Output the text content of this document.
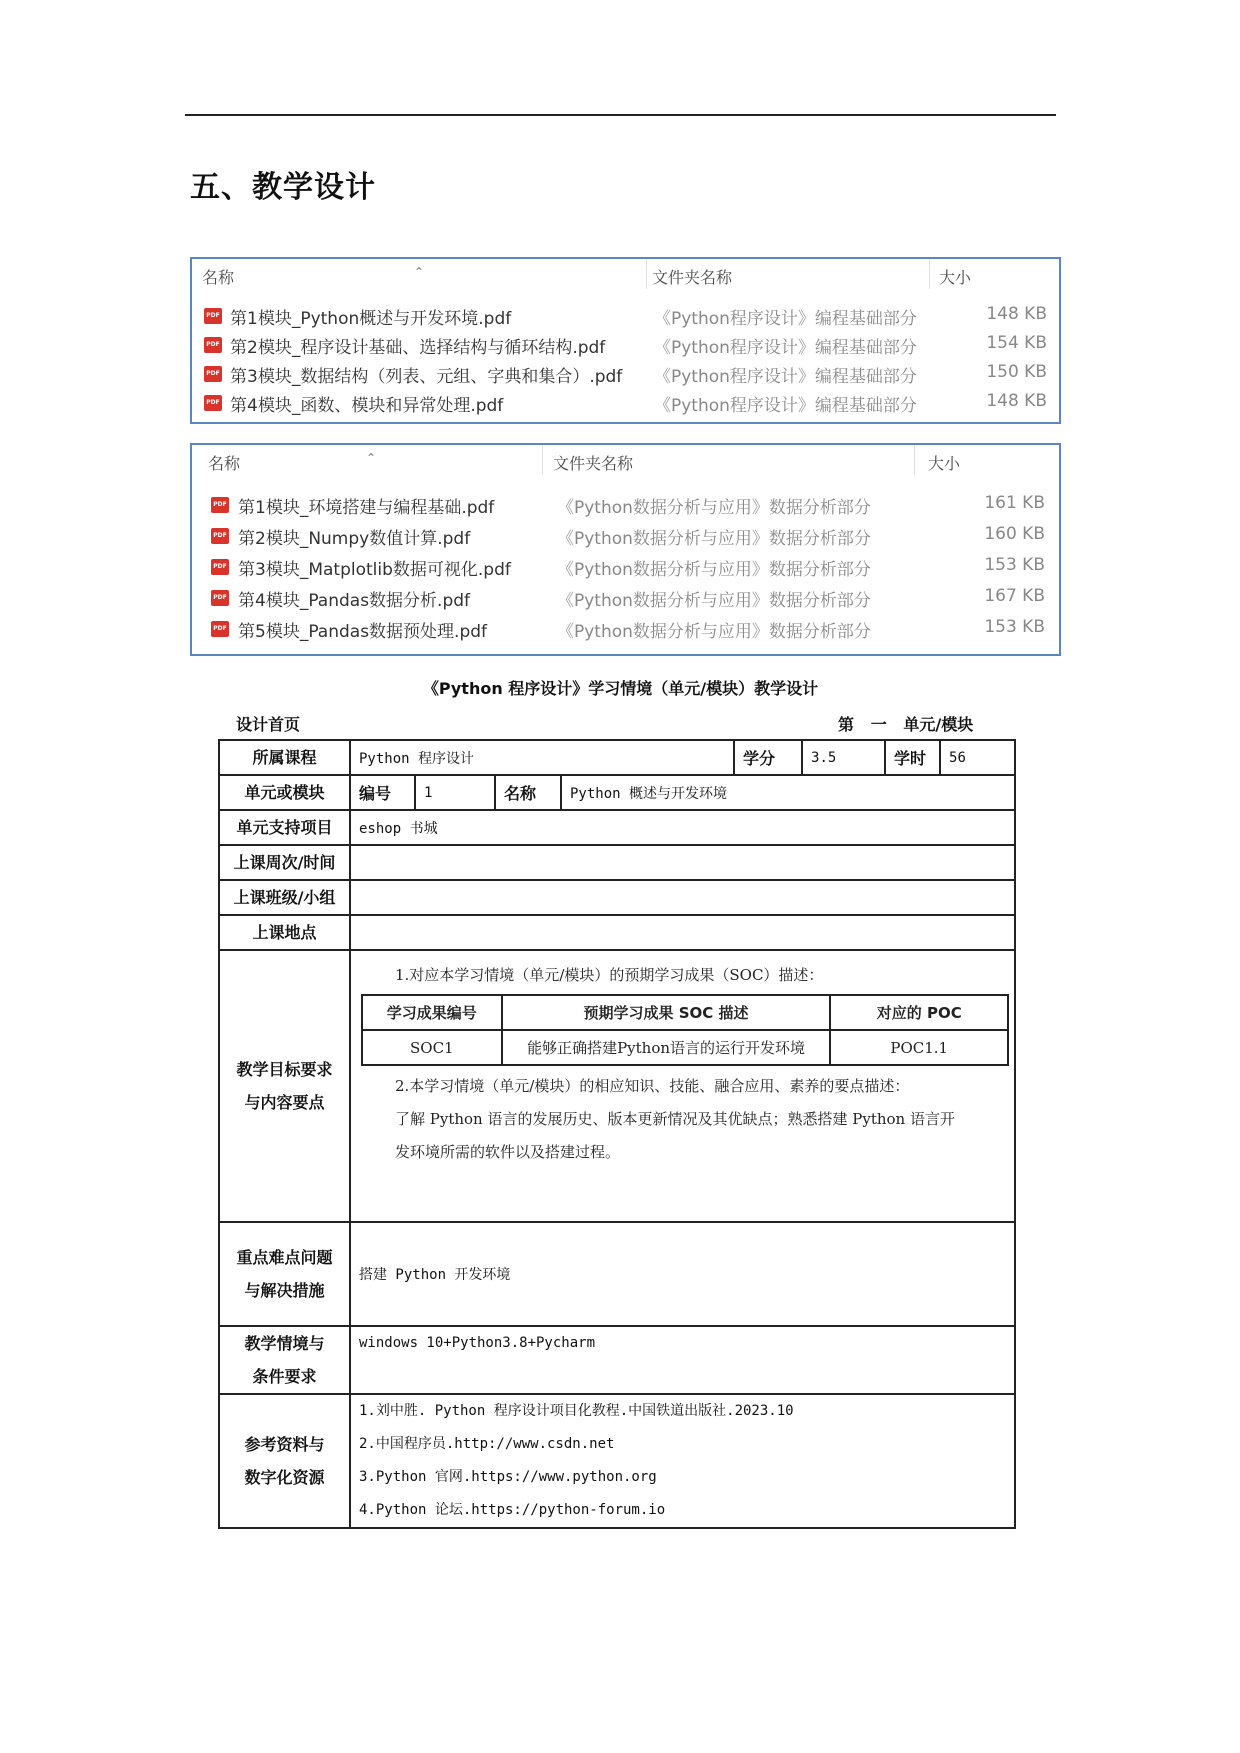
五、教学设计
⌃
名称	文件夹名称	大小
PDF 第1模块_Python概述与开发环境.pdf	《Python程序设计》编程基础部分	148 KB
PDF 第2模块_程序设计基础、选择结构与循环结构.pdf	《Python程序设计》编程基础部分	154 KB
PDF 第3模块_数据结构（列表、元组、字典和集合）.pdf 《Python程序设计》编程基础部分	150 KB
PDF 第4模块_函数、模块和异常处理.pdf	《Python程序设计》编程基础部分	148 KB
⌃
名称	文件夹名称	大小
PDF 第1模块_环境搭建与编程基础.pdf	《Python数据分析与应用》数据分析部分	161 KB
PDF 第2模块_Numpy数值计算.pdf	《Python数据分析与应用》数据分析部分	160 KB
PDF 第3模块_Matplotlib数据可视化.pdf	《Python数据分析与应用》数据分析部分	153 KB
PDF 第4模块_Pandas数据分析.pdf	《Python数据分析与应用》数据分析部分	167 KB
PDF 第5模块_Pandas数据预处理.pdf	《Python数据分析与应用》数据分析部分	153 KB
《Python 程序设计》学习情境（单元/模块）教学设计
设计首页	第   一   单元/模块
所属课程	Python 程序设计	学分	3.5	学时	56
单元或模块	编号	1	名称	Python 概述与开发环境
单元支持项目	eshop 书城
上课周次/时间	
上课班级/小组	
上课地点	

教学目标要求
与内容要点

1.对应本学习情境（单元/模块）的预期学习成果（SOC）描述：

学习成果编号	预期学习成果 SOC 描述	对应的 POC
SOC1	能够正确搭建Python语言的运行开发环境	POC1.1

2.本学习情境（单元/模块）的相应知识、技能、融合应用、素养的要点描述：

了解 Python 语言的发展历史、版本更新情况及其优缺点；熟悉搭建 Python 语言开

发环境所需的软件以及搭建过程。

重点难点问题
与解决措施
	搭建 Python 开发环境

教学情境与
条件要求
	windows 10+Python3.8+Pycharm

参考资料与
数字化资源

1.刘中胜. Python 程序设计项目化教程.中国铁道出版社.2023.10

2.中国程序员.http://www.csdn.net

3.Python 官网.https://www.python.org

4.Python 论坛.https://python-forum.io
